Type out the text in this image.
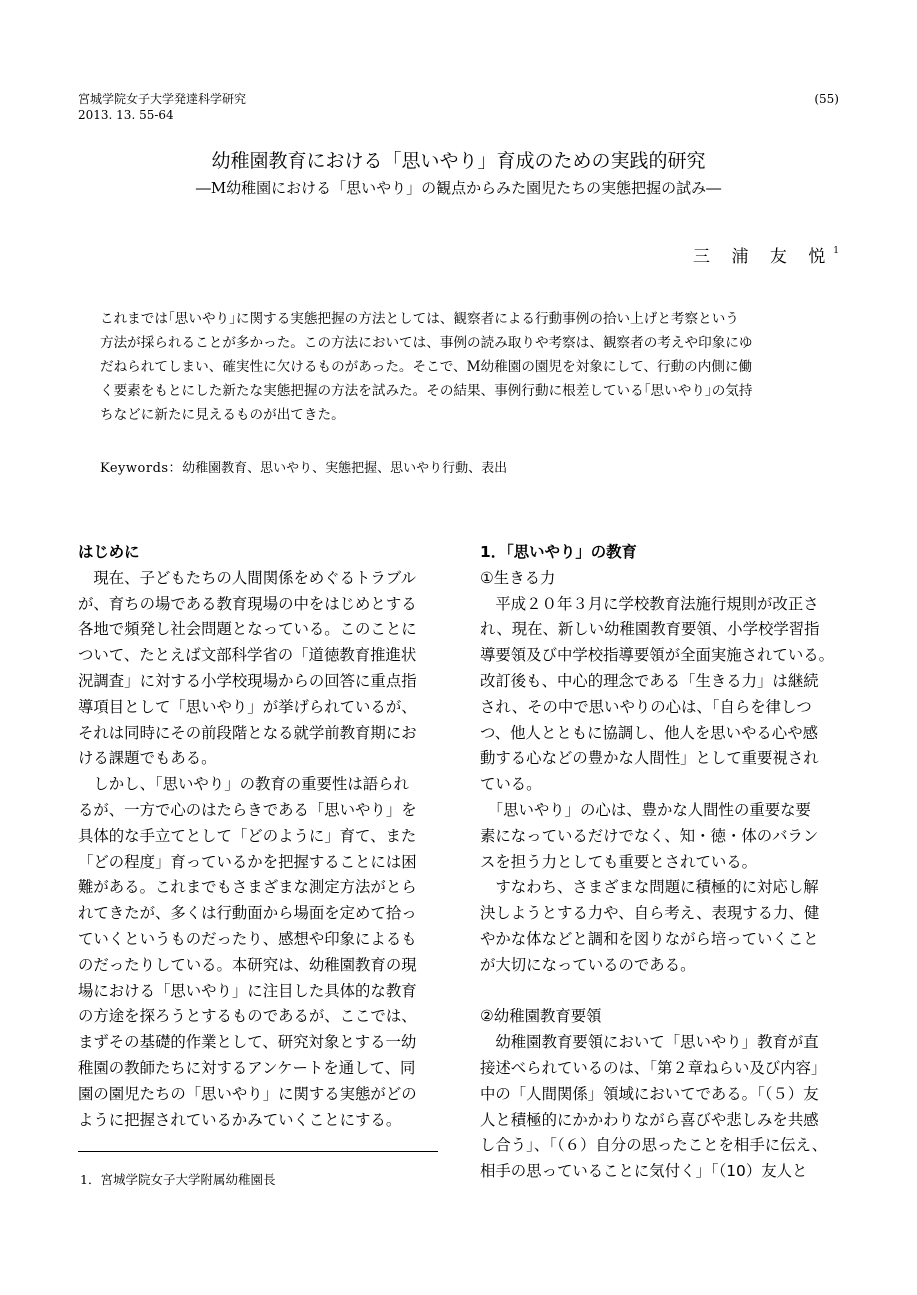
宮城学院女子大学発達科学研究
2013. 13. 55-64
(55)
幼稚園教育における「思いやり」育成のための実践的研究
―M幼稚園における「思いやり」の観点からみた園児たちの実態把握の試み―
三 浦 友 悦$^1$
これまでは｢思いやり｣に関する実態把握の方法としては、観察者による行動事例の拾い上げと考察という
方法が採られることが多かった。この方法においては、事例の読み取りや考察は、観察者の考えや印象にゆ
だねられてしまい、確実性に欠けるものがあった。そこで、M幼稚園の園児を対象にして、行動の内側に働
く要素をもとにした新たな実態把握の方法を試みた。その結果、事例行動に根差している｢思いやり｣の気持
ちなどに新たに見えるものが出てきた。
Keywords：幼稚園教育、思いやり、実態把握、思いやり行動、表出
はじめに
　現在、子どもたちの人間関係をめぐるトラブル
が、育ちの場である教育現場の中をはじめとする
各地で頻発し社会問題となっている。このことに
ついて、たとえば文部科学省の「道徳教育推進状
況調査」に対する小学校現場からの回答に重点指
導項目として「思いやり」が挙げられているが、
それは同時にその前段階となる就学前教育期にお
ける課題でもある。
　しかし、「思いやり」の教育の重要性は語られ
るが、一方で心のはたらきである「思いやり」を
具体的な手立てとして「どのように」育て、また
「どの程度」育っているかを把握することには困
難がある。これまでもさまざまな測定方法がとら
れてきたが、多くは行動面から場面を定めて拾っ
ていくというものだったり、感想や印象によるも
のだったりしている。本研究は、幼稚園教育の現
場における「思いやり」に注目した具体的な教育
の方途を探ろうとするものであるが、ここでは、
まずその基礎的作業として、研究対象とする一幼
稚園の教師たちに対するアンケートを通して、同
園の園児たちの「思いやり」に関する実態がどの
ように把握されているかみていくことにする。
1．「思いやり」の教育
①生きる力
　平成２０年３月に学校教育法施行規則が改正さ
れ、現在、新しい幼稚園教育要領、小学校学習指
導要領及び中学校指導要領が全面実施されている。
改訂後も、中心的理念である「生きる力」は継続
され、その中で思いやりの心は、「自らを律しつ
つ、他人とともに協調し、他人を思いやる心や感
動する心などの豊かな人間性」として重要視され
ている。
　「思いやり」の心は、豊かな人間性の重要な要
素になっているだけでなく、知・徳・体のバラン
スを担う力としても重要とされている。
　すなわち、さまざまな問題に積極的に対応し解
決しようとする力や、自ら考え、表現する力、健
やかな体などと調和を図りながら培っていくこと
が大切になっているのである。
②幼稚園教育要領
　幼稚園教育要領において「思いやり」教育が直
接述べられているのは、「第２章ねらい及び内容」
中の「人間関係」領域においてである。「（５）友
人と積極的にかかわりながら喜びや悲しみを共感
し合う」、「（６）自分の思ったことを相手に伝え、
相手の思っていることに気付く」「（10）友人と
1．宮城学院女子大学附属幼稚園長
